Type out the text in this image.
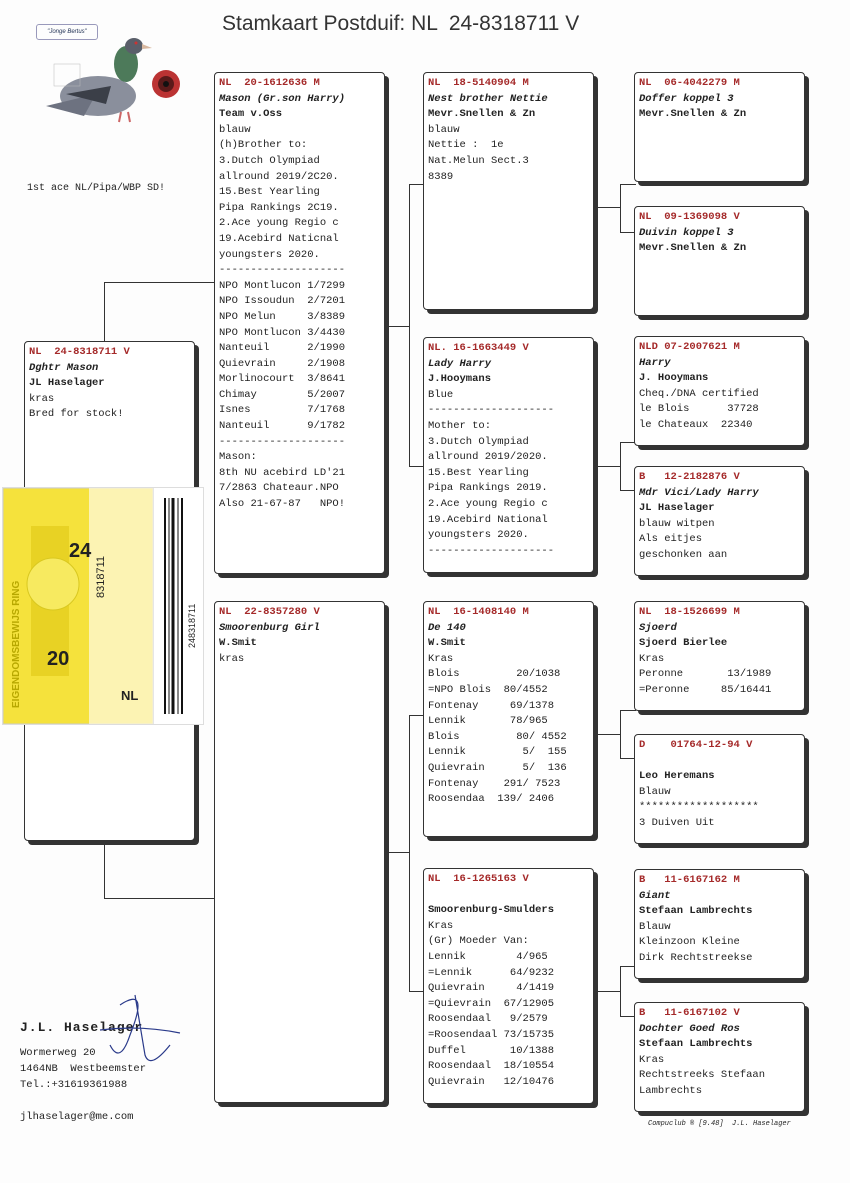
Stamkaart Postduif: NL  24-8318711 V
"Jonge Bertus"
1st ace NL/Pipa/WBP SD!
NL  24-8318711 V
Dghtr Mason
JL Haselager
kras
Bred for stock!
NL  20-1612636 M
Mason (Gr.son Harry)
Team v.Oss
blauw
(h)Brother to:
3.Dutch Olympiad
allround 2019/2C20.
15.Best Yearling
Pipa Rankings 2C19.
2.Ace young Regio c
19.Acebird Naticnal
youngsters 2020.
--------------------
NPO Montlucon 1/7299
NPO Issoudun  2/7201
NPO Melun     3/8389
NPO Montlucon 3/4430
Nanteuil      2/1990
Quievrain     2/1908
Morlinocourt  3/8641
Chimay        5/2007
Isnes         7/1768
Nanteuil      9/1782
--------------------
Mason:
8th NU acebird LD'21
7/2863 Chateaur.NPO
Also 21-67-87   NPO!
NL  22-8357280 V
Smoorenburg Girl
W.Smit
kras
NL  18-5140904 M
Nest brother Nettie
Mevr.Snellen & Zn
blauw
Nettie :  1e
Nat.Melun Sect.3
8389
NL. 16-1663449 V
Lady Harry
J.Hooymans
Blue
--------------------
Mother to:
3.Dutch Olympiad
allround 2019/2020.
15.Best Yearling
Pipa Rankings 2019.
2.Ace young Regio c
19.Acebird National
youngsters 2020.
--------------------
NL  16-1408140 M
De 140
W.Smit
Kras
Blois         20/1038
=NPO Blois  80/4552
Fontenay     69/1378
Lennik       78/965
Blois         80/ 4552
Lennik         5/  155
Quievrain      5/  136
Fontenay    291/ 7523
Roosendaa  139/ 2406
NL  16-1265163 V
Smoorenburg-Smulders
Kras
(Gr) Moeder Van:
Lennik        4/965
=Lennik      64/9232
Quievrain     4/1419
=Quievrain  67/12905
Roosendaal   9/2579
=Roosendaal 73/15735
Duffel       10/1388
Roosendaal  18/10554
Quievrain   12/10476
NL  06-4042279 M
Doffer koppel 3
Mevr.Snellen & Zn
NL  09-1369098 V
Duivin koppel 3
Mevr.Snellen & Zn
NLD 07-2007621 M
Harry
J. Hooymans
Cheq./DNA certified
le Blois      37728
le Chateaux  22340
B   12-2182876 V
Mdr Vici/Lady Harry
JL Haselager
blauw witpen
Als eitjes
geschonken aan
NL  18-1526699 M
Sjoerd
Sjoerd Bierlee
Kras
Peronne       13/1989
=Peronne     85/16441
D    01764-12-94 V
Leo Heremans
Blauw
*******************
3 Duiven Uit
B   11-6167162 M
Giant
Stefaan Lambrechts
Blauw
Kleinzoon Kleine
Dirk Rechtstreekse
B   11-6167102 V
Dochter Goed Ros
Stefaan Lambrechts
Kras
Rechtstreeks Stefaan
Lambrechts
24
20
NL
8318711
248318711
EIGENDOMSBEWIJS RING
J.L. Haselager
Wormerweg 20
1464NB  Westbeemster
Tel.:+31619361988
jlhaselager@me.com
Compuclub ® [9.48]  J.L. Haselager
